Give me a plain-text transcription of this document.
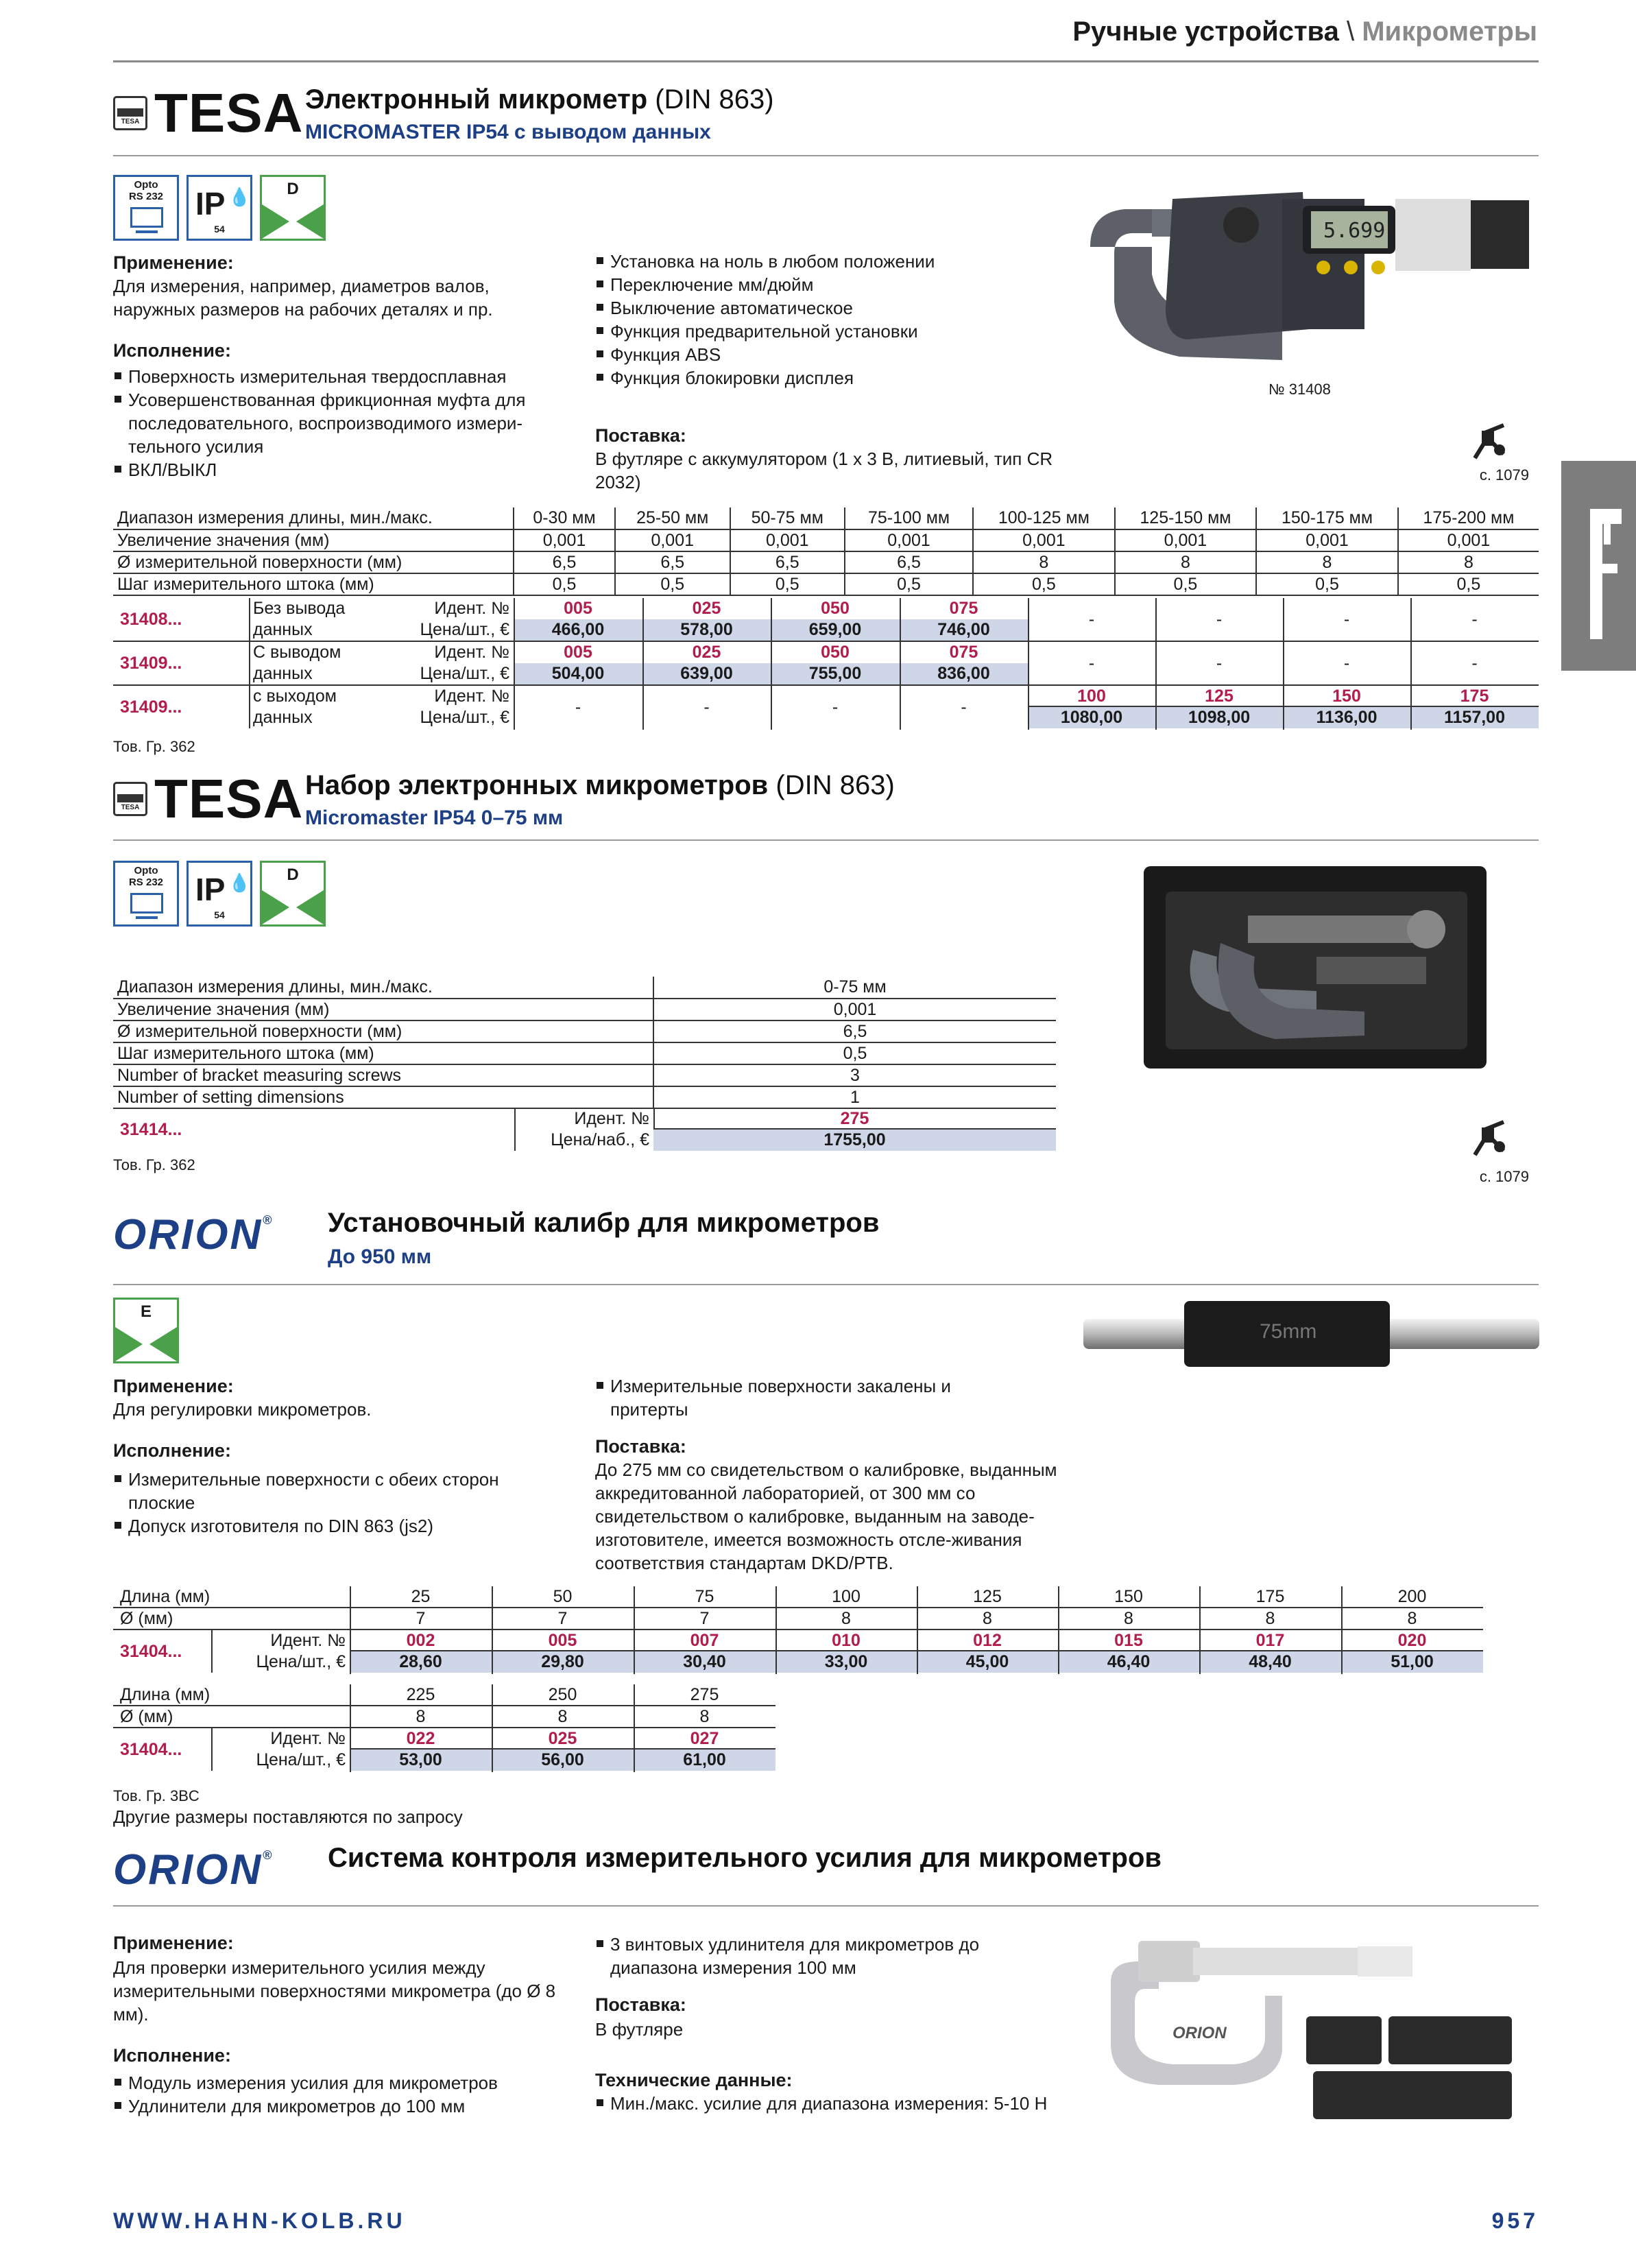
Ручные устройства \ Микрометры
TESA TESA Электронный микрометр (DIN 863)
MICROMASTER IP54 с выводом данных
Opto
RS 232	IP 💧
54
D
Применение:
Для измерения, например, диаметров валов, наружных размеров на рабочих деталях и пр.
Исполнение:
Поверхность измерительная твердосплавная
Усовершенствованная фрикционная муфта для последовательного, воспроизводимого измери-тельного усилия
ВКЛ/ВЫКЛ
Установка на ноль в любом положении
Переключение мм/дюйм
Выключение автоматическое
Функция предварительной установки
Функция ABS
Функция блокировки дисплея
Поставка:
В футляре с аккумулятором (1 x 3 В, литиевый, тип CR 2032)
5.699
№ 31408
с. 1079
Диапазон измерения длины, мин./макс.	0-30 мм	25-50 мм	50-75 мм	75-100 мм	100-125 мм	125-150 мм	150-175 мм	175-200 мм
Увеличение значения (мм)	0,001	0,001	0,001	0,001	0,001	0,001	0,001	0,001
Ø измерительной поверхности (мм)	6,5	6,5	6,5	6,5	8	8	8	8
Шаг измерительного штока (мм)	0,5	0,5	0,5	0,5	0,5	0,5	0,5	0,5
31408...
Без вывода
данных
Идент. №
Цена/шт., €
005	025	050	075
466,00	578,00	659,00	746,00
-	-	-	-
31409...
С выводом
данных
Идент. №
Цена/шт., €
005	025	050	075
504,00	639,00	755,00	836,00
-	-	-	-
31409...
с выходом
данных
Идент. №
Цена/шт., €
-	-	-	-
100	125	150	175
1080,00	1098,00	1136,00	1157,00
Тов. Гр. 362
TESA TESA Набор электронных микрометров (DIN 863)
Micromaster IP54 0–75 мм
Opto
RS 232	IP 💧
54
D
Диапазон измерения длины, мин./макс.	0-75 мм
Увеличение значения (мм)	0,001
Ø измерительной поверхности (мм)	6,5
Шаг измерительного штока (мм)	0,5
Number of bracket measuring screws	3
Number of setting dimensions	1
31414...
Идент. №
Цена/наб., €
275
1755,00
Тов. Гр. 362
с. 1079
ORION® Установочный калибр для микрометров
До 950 мм
E
75mm
Применение:
Для регулировки микрометров.
Исполнение:
Измерительные поверхности с обеих сторон плоские
Допуск изготовителя по DIN 863 (js2)
Измерительные поверхности закалены и притерты
Поставка:
До 275 мм со свидетельством о калибровке, выданным аккредитованной лабораторией, от 300 мм со свидетельством о калибровке, выданным на заводе-изготовителе, имеется возможность отсле-живания соответствия стандартам DKD/PTB.
Длина (мм)	25	50	75	100	125	150	175	200
Ø (мм)	7	7	7	8	8	8	8	8
31404...
Идент. №
Цена/шт., €
002	005	007	010	012	015	017	020
28,60	29,80	30,40	33,00	45,00	46,40	48,40	51,00
Длина (мм)	225	250	275
Ø (мм)	8	8	8
31404...
Идент. №
Цена/шт., €
022	025	027
53,00	56,00	61,00
Тов. Гр. 3BC
Другие размеры поставляются по запросу
ORION® Система контроля измерительного усилия для микрометров
Применение:
Для проверки измерительного усилия между измерительными поверхностями микрометра (до Ø 8 мм).
Исполнение:
Модуль измерения усилия для микрометров
Удлинители для микрометров до 100 мм
3 винтовых удлинителя для микрометров до диапазона измерения 100 мм
Поставка:
В футляре
Технические данные:
Мин./макс. усилие для диапазона измерения: 5-10 Н
ORION
WWW.HAHN-KOLB.RU	957
